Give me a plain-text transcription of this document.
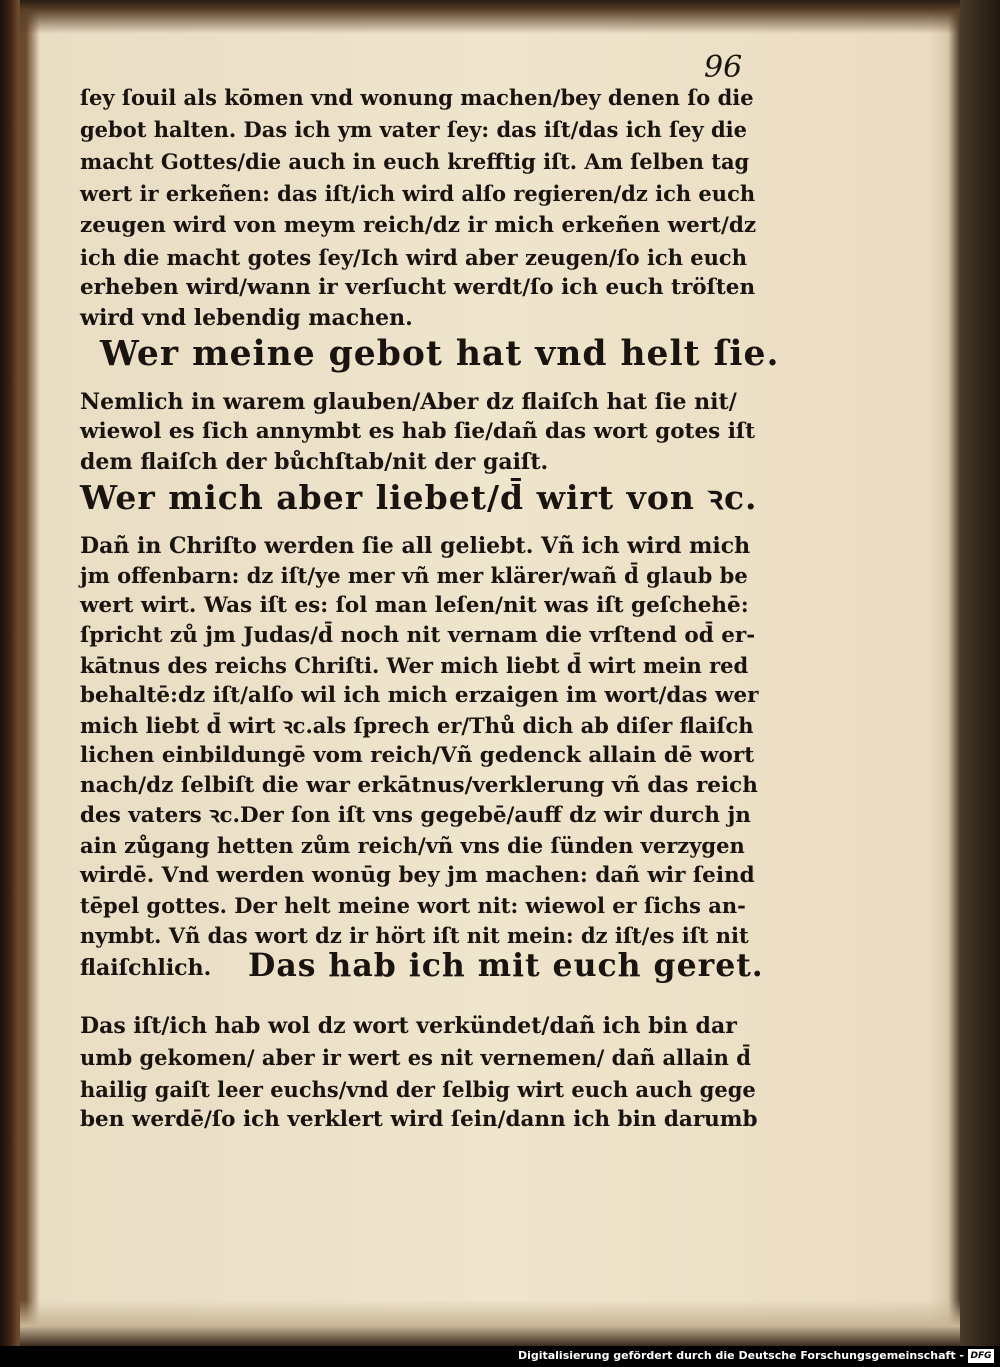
96
ſey ſouil als kōmen vnd wonung machen/bey denen ſo die
gebot halten. Das ich ym vater ſey: das iſt/das ich ſey die
macht Gottes/die auch in euch krefftig iſt. Am ſelben tag
wert ir erkeñen: das iſt/ich wird alſo regieren/dz ich euch
zeugen wird von meym reich/dz ir mich erkeñen wert/dz
ich die macht gotes ſey/Ich wird aber zeugen/ſo ich euch
erheben wird/wann ir verſucht werdt/ſo ich euch tröſten
wird vnd lebendig machen.
Wer meine gebot hat vnd helt ſie.
Nemlich in warem glauben/Aber dz flaiſch hat ſie nit/
wiewol es ſich annymbt es hab ſie/dañ das wort gotes iſt
dem flaiſch der bůchſtab/nit der gaiſt.
Wer mich aber liebet/d̄ wirt von ꝛc.
Dañ in Chriſto werden ſie all geliebt. Vñ ich wird mich
jm offenbarn: dz iſt/ye mer vñ mer klärer/wañ d̄ glaub be
wert wirt. Was iſt es: ſol man leſen/nit was iſt geſchehē:
ſpricht zů jm Judas/d̄ noch nit vernam die vrſtend od̄ er-
kātnus des reichs Chriſti. Wer mich liebt d̄ wirt mein red
behaltē:dz iſt/alſo wil ich mich erzaigen im wort/das wer
mich liebt d̄ wirt ꝛc.als ſprech er/Thů dich ab diſer flaiſch
lichen einbildungē vom reich/Vñ gedenck allain dē wort
nach/dz ſelbiſt die war erkātnus/verklerung vñ das reich
des vaters ꝛc.Der ſon iſt vns gegebē/auff dz wir durch jn
ain zůgang hetten zům reich/vñ vns die ſünden verzygen
wirdē. Vnd werden wonūg bey jm machen: dañ wir ſeind
tēpel gottes. Der helt meine wort nit: wiewol er ſichs an-
nymbt. Vñ das wort dz ir hört iſt nit mein: dz iſt/es iſt nit
flaiſchlich. Das hab ich mit euch geret.
Das iſt/ich hab wol dz wort verkündet/dañ ich bin dar
umb gekomen/ aber ir wert es nit vernemen/ dañ allain d̄
hailig gaiſt leer euchs/vnd der ſelbig wirt euch auch gege
ben werdē/ſo ich verklert wird ſein/dann ich bin darumb
Digitalisierung gefördert durch die Deutsche Forschungsgemeinschaft - DFG
